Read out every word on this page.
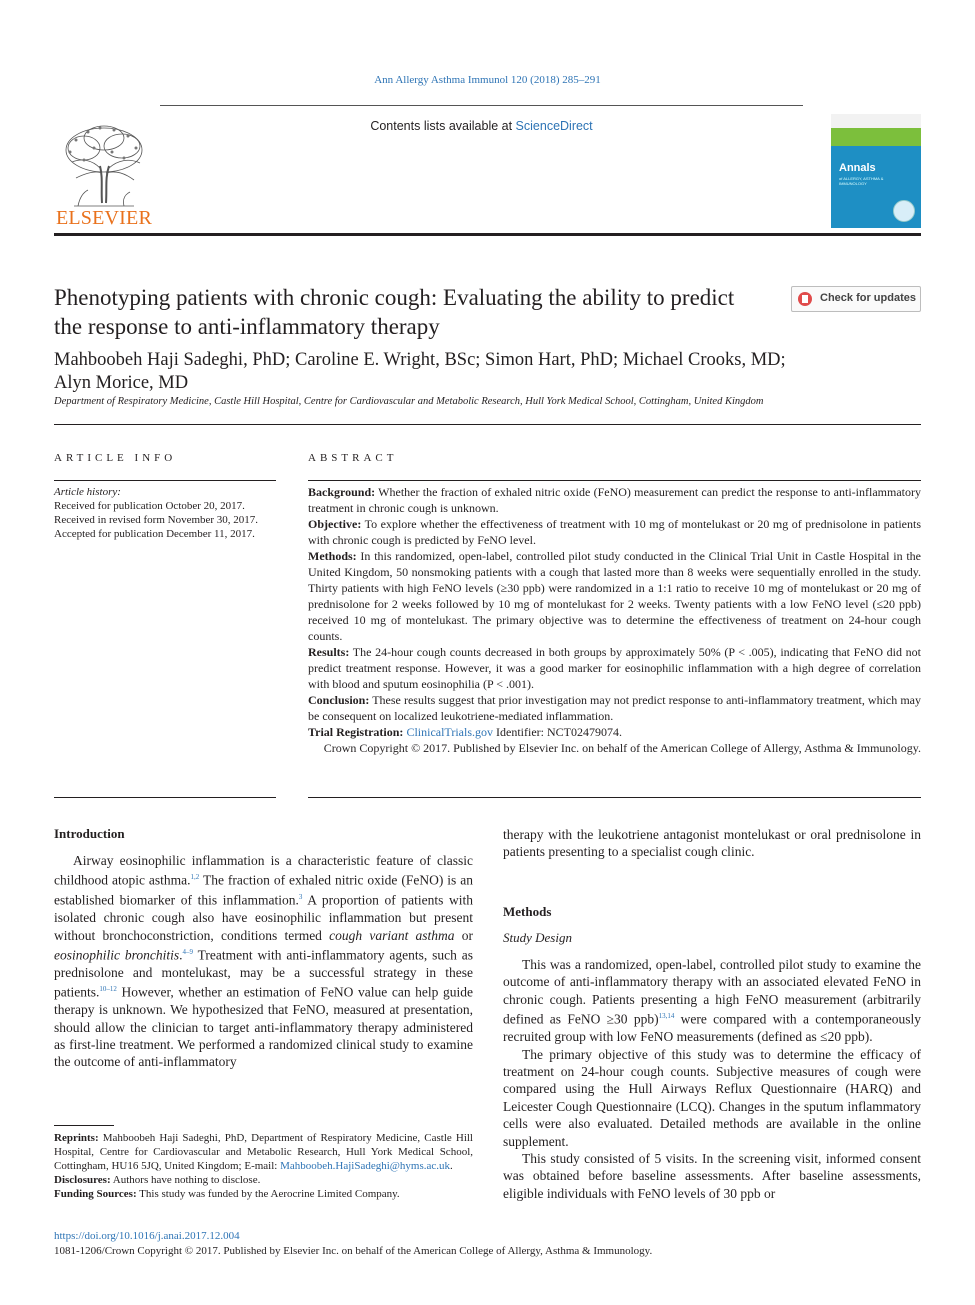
Ann Allergy Asthma Immunol 120 (2018) 285–291
Contents lists available at ScienceDirect
ELSEVIER
Annals
of ALLERGY, ASTHMA & IMMUNOLOGY
Phenotyping patients with chronic cough: Evaluating the ability to predict the response to anti-inflammatory therapy
Check for updates
Mahboobeh Haji Sadeghi, PhD; Caroline E. Wright, BSc; Simon Hart, PhD; Michael Crooks, MD;
Alyn Morice, MD
Department of Respiratory Medicine, Castle Hill Hospital, Centre for Cardiovascular and Metabolic Research, Hull York Medical School, Cottingham, United Kingdom
ARTICLE INFO
Article history:
Received for publication October 20, 2017.
Received in revised form November 30, 2017.
Accepted for publication December 11, 2017.
ABSTRACT

Background: Whether the fraction of exhaled nitric oxide (FeNO) measurement can predict the response to anti-inflammatory treatment in chronic cough is unknown.

Objective: To explore whether the effectiveness of treatment with 10 mg of montelukast or 20 mg of prednisolone in patients with chronic cough is predicted by FeNO level.

Methods: In this randomized, open-label, controlled pilot study conducted in the Clinical Trial Unit in Castle Hospital in the United Kingdom, 50 nonsmoking patients with a cough that lasted more than 8 weeks were sequentially enrolled in the study. Thirty patients with high FeNO levels (≥30 ppb) were randomized in a 1:1 ratio to receive 10 mg of montelukast or 20 mg of prednisolone for 2 weeks followed by 10 mg of montelukast for 2 weeks. Twenty patients with a low FeNO level (≤20 ppb) received 10 mg of montelukast. The primary objective was to determine the effectiveness of treatment on 24-hour cough counts.

Results: The 24-hour cough counts decreased in both groups by approximately 50% (P < .005), indicating that FeNO did not predict treatment response. However, it was a good marker for eosinophilic inflammation with a high degree of correlation with blood and sputum eosinophilia (P < .001).

Conclusion: These results suggest that prior investigation may not predict response to anti-inflammatory treatment, which may be consequent on localized leukotriene-mediated inflammation.

Trial Registration: ClinicalTrials.gov Identifier: NCT02479074.

Crown Copyright © 2017. Published by Elsevier Inc. on behalf of the American College of Allergy, Asthma & Immunology.

Introduction

Airway eosinophilic inflammation is a characteristic feature of classic childhood atopic asthma.$^{1,2}$ The fraction of exhaled nitric oxide (FeNO) is an established biomarker of this inflammation.$^3$ A proportion of patients with isolated chronic cough also have eosinophilic inflammation but present without bronchoconstriction, conditions termed cough variant asthma or eosinophilic bronchitis.$^{4-9}$ Treatment with anti-inflammatory agents, such as prednisolone and montelukast, may be a successful strategy in these patients.$^{10-12}$ However, whether an estimation of FeNO value can help guide therapy is unknown. We hypothesized that FeNO, measured at presentation, should allow the clinician to target anti-inflammatory therapy administered as first-line treatment. We performed a randomized clinical study to examine the outcome of anti-inflammatory

therapy with the leukotriene antagonist montelukast or oral prednisolone in patients presenting to a specialist cough clinic.
Methods
Study Design

This was a randomized, open-label, controlled pilot study to examine the outcome of anti-inflammatory therapy with an associated elevated FeNO in chronic cough. Patients presenting a high FeNO measurement (arbitrarily defined as FeNO ≥30 ppb)$^{13,14}$ were compared with a contemporaneously recruited group with low FeNO measurements (defined as ≤20 ppb).

The primary objective of this study was to determine the efficacy of treatment on 24-hour cough counts. Subjective measures of cough were compared using the Hull Airways Reflux Questionnaire (HARQ) and Leicester Cough Questionnaire (LCQ). Changes in the sputum inflammatory cells were also evaluated. Detailed methods are available in the online supplement.

This study consisted of 5 visits. In the screening visit, informed consent was obtained before baseline assessments. After baseline assessments, eligible individuals with FeNO levels of 30 ppb or

Reprints: Mahboobeh Haji Sadeghi, PhD, Department of Respiratory Medicine, Castle Hill Hospital, Centre for Cardiovascular and Metabolic Research, Hull York Medical School, Cottingham, HU16 5JQ, United Kingdom; E-mail: Mahboobeh.HajiSadeghi@hyms.ac.uk.

Disclosures: Authors have nothing to disclose.

Funding Sources: This study was funded by the Aerocrine Limited Company.

https://doi.org/10.1016/j.anai.2017.12.004
1081-1206/Crown Copyright © 2017. Published by Elsevier Inc. on behalf of the American College of Allergy, Asthma & Immunology.
